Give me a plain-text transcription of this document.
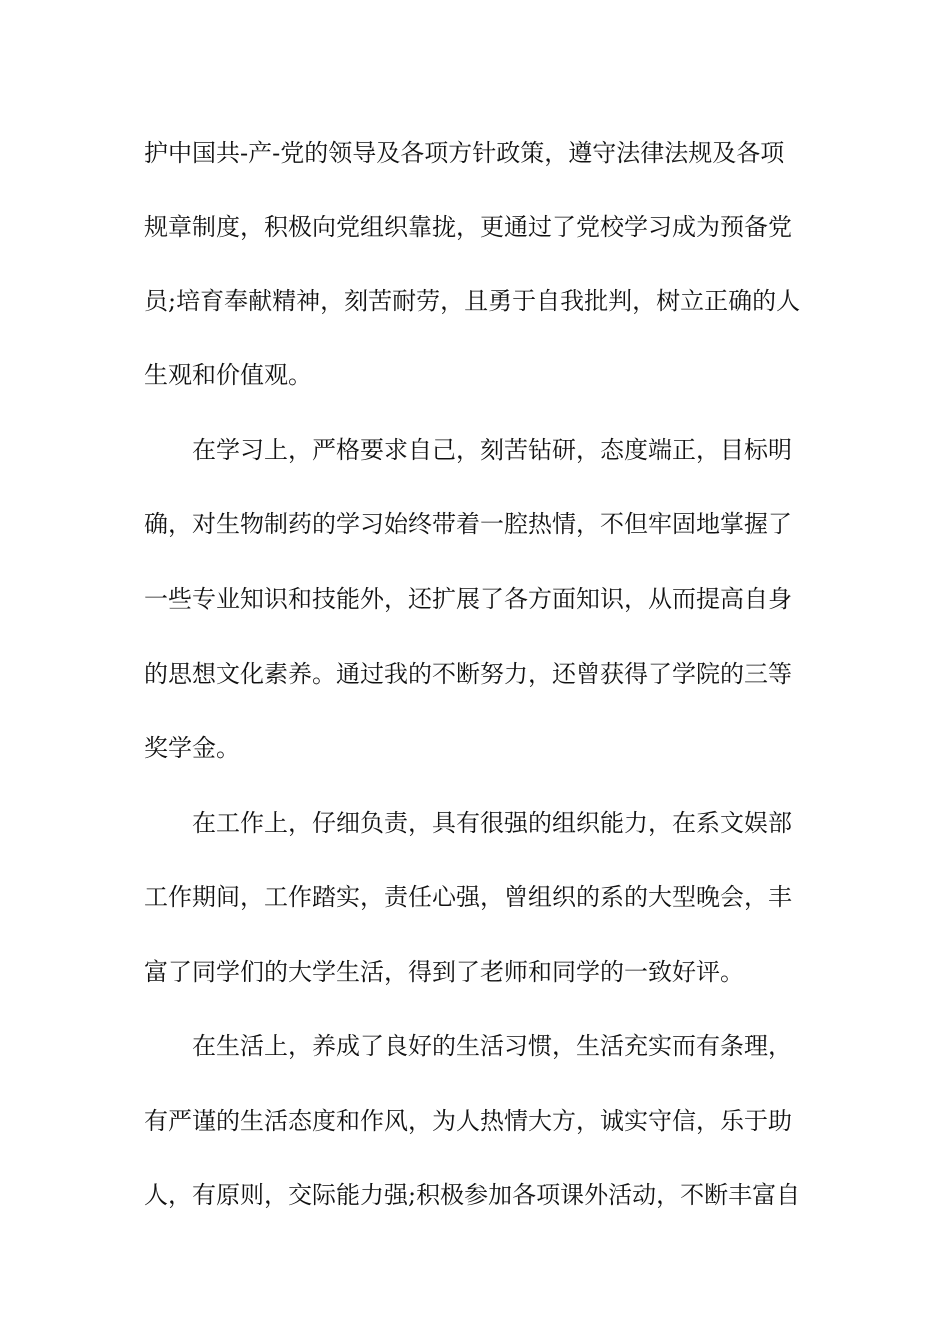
护中国共-产-党的领导及各项方针政策，遵守法律法规及各项
规章制度，积极向党组织靠拢，更通过了党校学习成为预备党
员;培育奉献精神，刻苦耐劳，且勇于自我批判，树立正确的人
生观和价值观。
在学习上，严格要求自己，刻苦钻研，态度端正，目标明
确，对生物制药的学习始终带着一腔热情，不但牢固地掌握了
一些专业知识和技能外，还扩展了各方面知识，从而提高自身
的思想文化素养。通过我的不断努力，还曾获得了学院的三等
奖学金。
在工作上，仔细负责，具有很强的组织能力，在系文娱部
工作期间，工作踏实，责任心强，曾组织的系的大型晚会，丰
富了同学们的大学生活，得到了老师和同学的一致好评。
在生活上，养成了良好的生活习惯，生活充实而有条理，
有严谨的生活态度和作风，为人热情大方，诚实守信，乐于助
人，有原则，交际能力强;积极参加各项课外活动，不断丰富自
